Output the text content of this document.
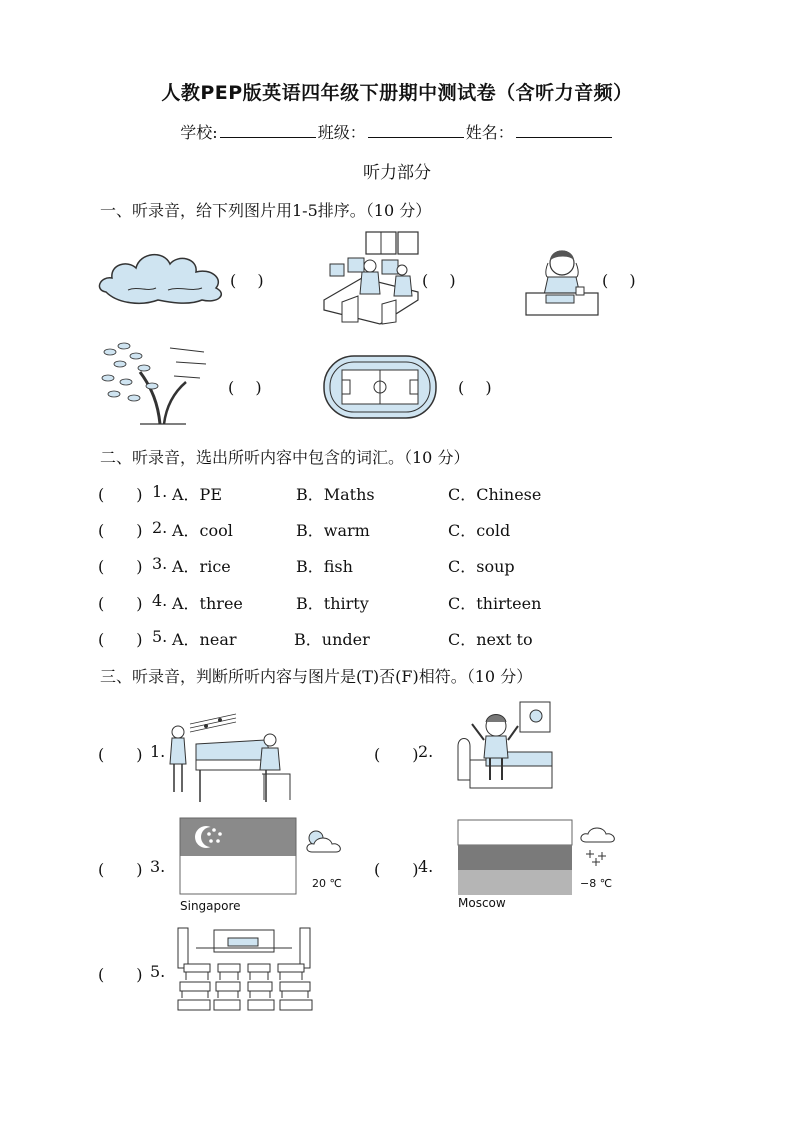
人教PEP版英语四年级下册期中测试卷（含听力音频）
学校:	班级：	姓名：
听力部分
一、听录音，给下列图片用1-5排序。（10 分）
(　 )	(　 )	(　 )
(　 )	(　 )
二、听录音，选出所听内容中包含的词汇。（10 分）
(　　) 1. A．PE	B．Maths	C．Chinese
(　　) 2. A．cool	B．warm	C．cold
(　　) 3. A．rice	B．fish	C．soup
(　　) 4. A．three	B．thirty	C．thirteen
(　　) 5. A．near	B．under	C．next to
三、听录音，判断所听内容与图片是(T)否(F)相符。（10 分）
(　　) 1.	(　　) 2.
(　　) 3.
Singapore
20 ℃
(　　) 4.
Moscow
−8 ℃
(　　) 5.
